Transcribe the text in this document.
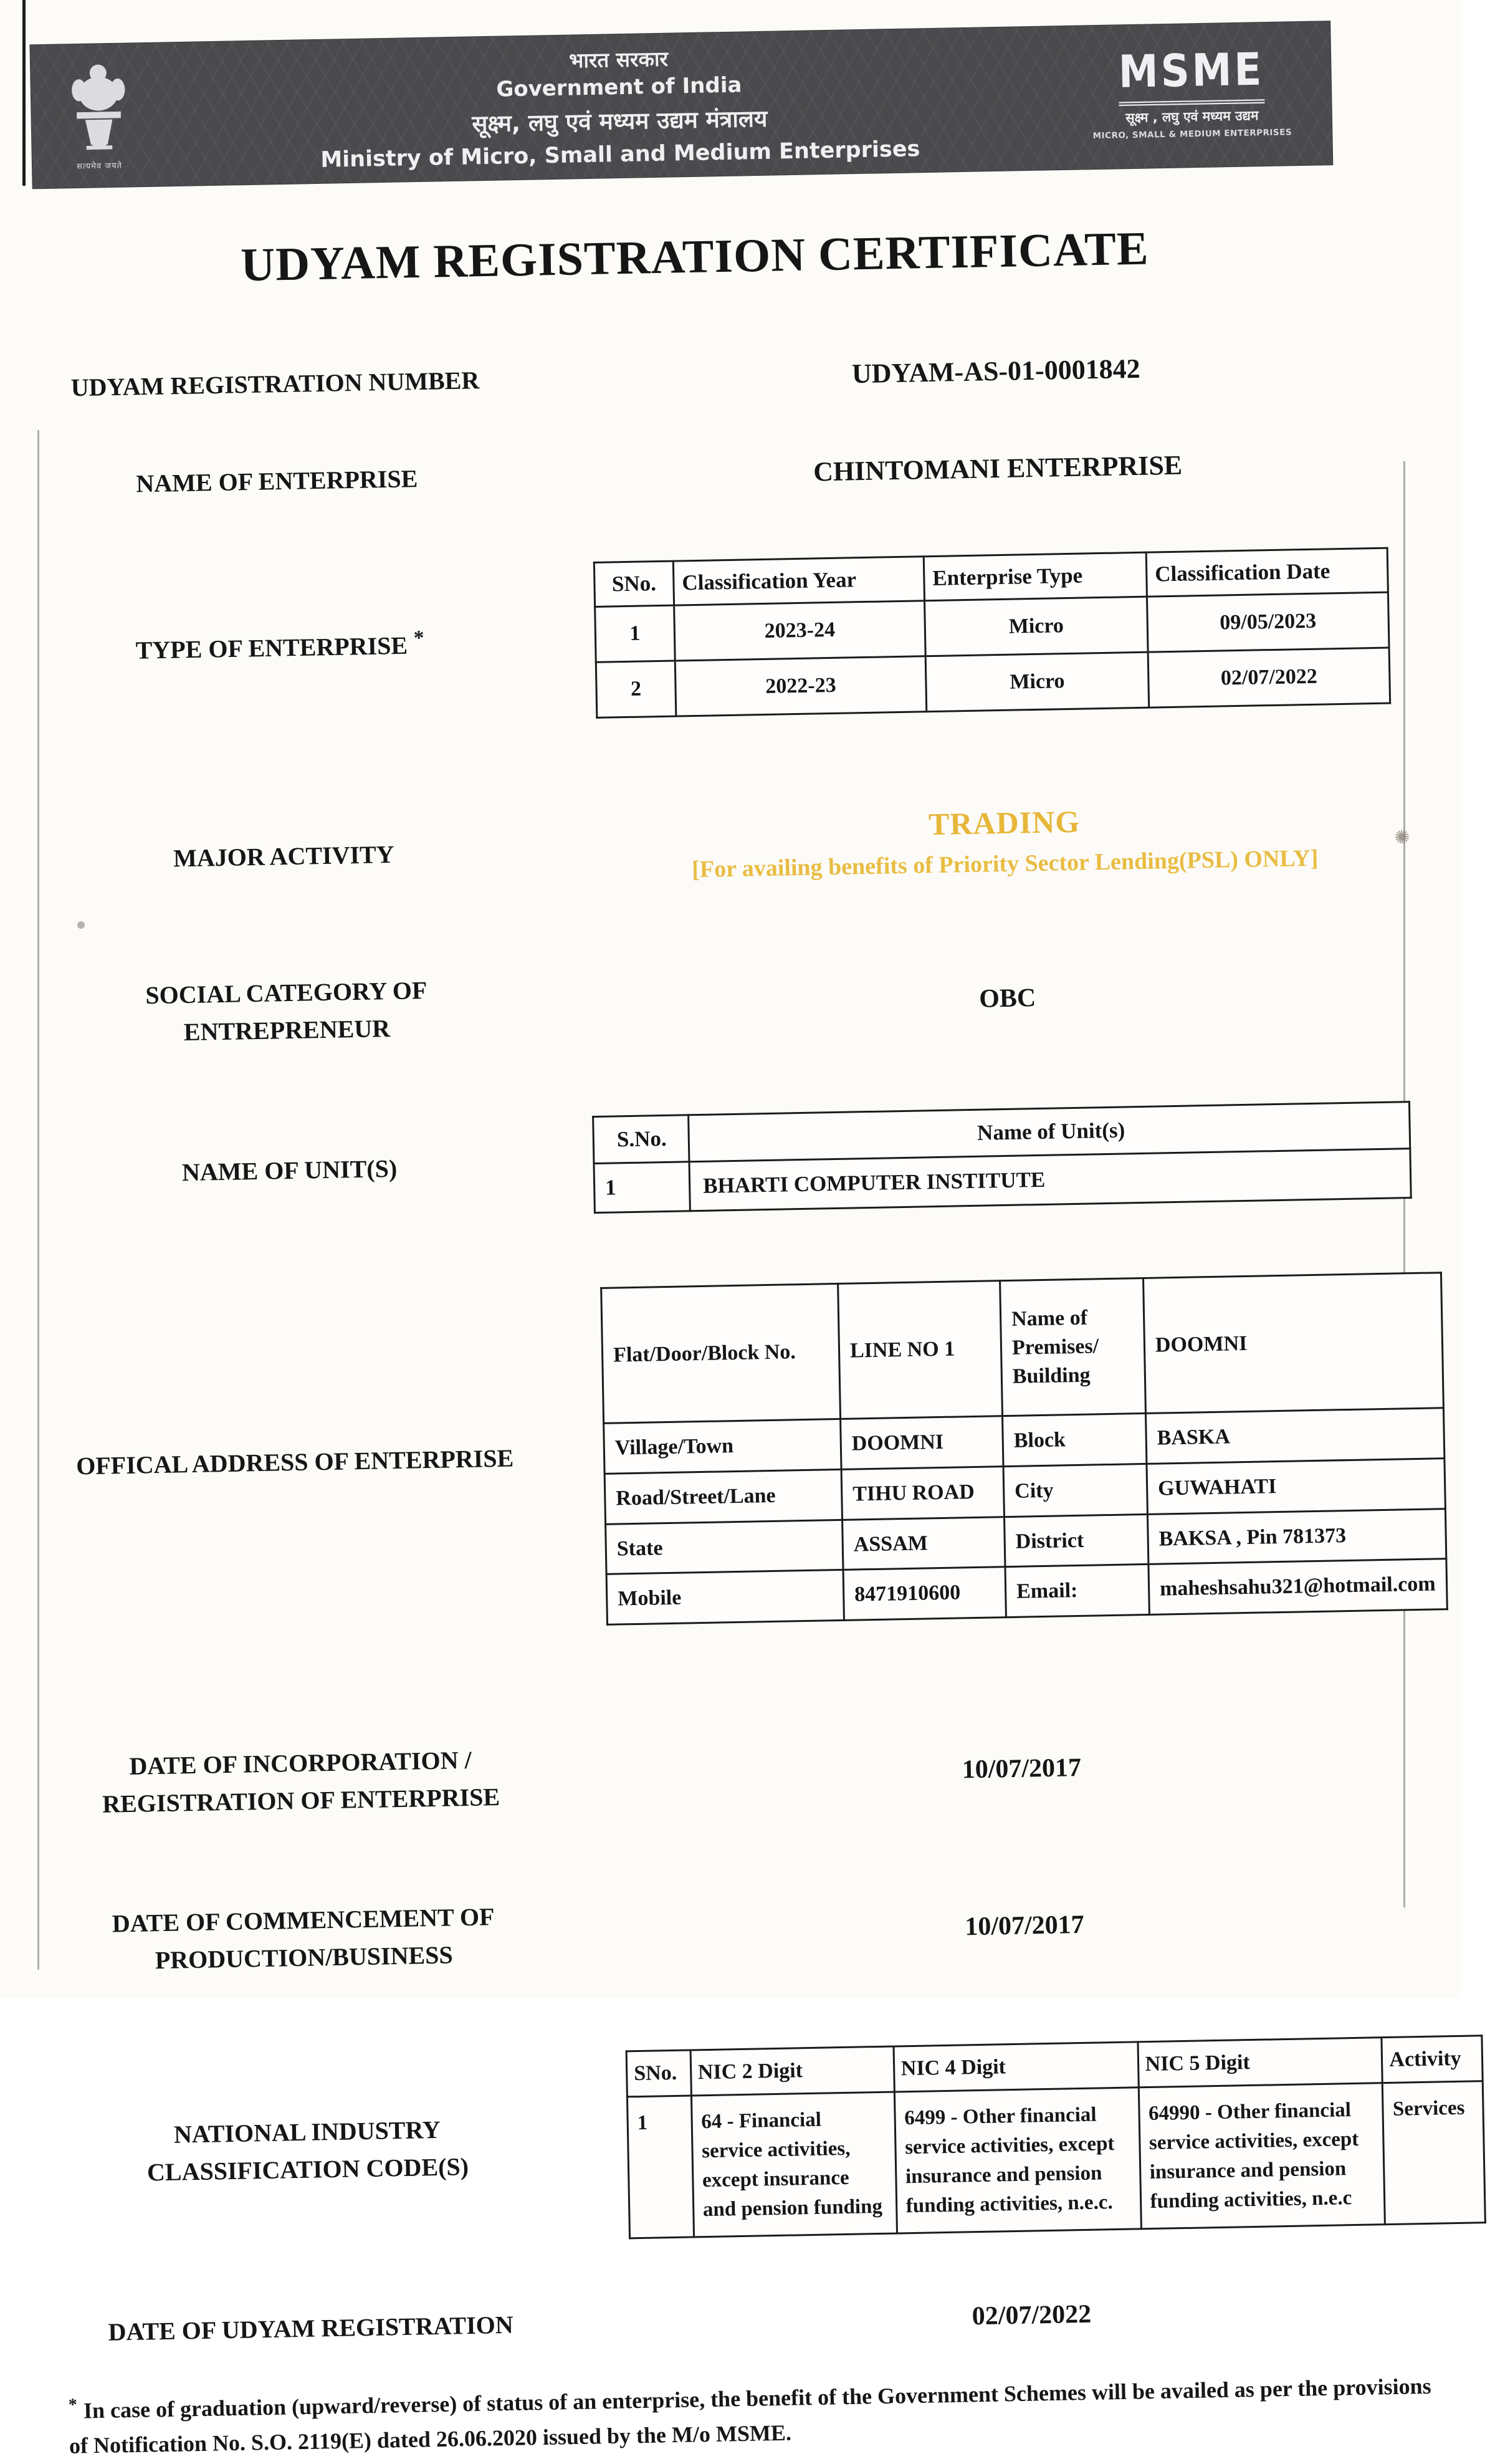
✺
सत्यमेव जयते
भारत सरकार
Government of India
सूक्ष्म, लघु एवं मध्यम उद्यम मंत्रालय
Ministry of Micro, Small and Medium Enterprises
MSME
सूक्ष्म , लघु एवं मध्यम उद्यम
MICRO, SMALL & MEDIUM ENTERPRISES
UDYAM REGISTRATION CERTIFICATE
UDYAM REGISTRATION NUMBER	UDYAM-AS-01-0001842
NAME OF ENTERPRISE	CHINTOMANI ENTERPRISE
TYPE OF ENTERPRISE *
SNo.	Classification Year	Enterprise Type	Classification Date
1	2023-24	Micro	09/05/2023
2	2022-23	Micro	02/07/2022
MAJOR ACTIVITY
TRADING
[For availing benefits of Priority Sector Lending(PSL) ONLY]
SOCIAL CATEGORY OF ENTREPRENEUR
OBC
NAME OF UNIT(S)
S.No.	Name of Unit(s)
1	BHARTI COMPUTER INSTITUTE
OFFICAL ADDRESS OF ENTERPRISE
Flat/Door/Block No.	LINE NO 1	Name of Premises/ Building	DOOMNI
Village/Town	DOOMNI	Block	BASKA
Road/Street/Lane	TIHU ROAD	City	GUWAHATI
State	ASSAM	District	BAKSA , Pin 781373
Mobile	8471910600	Email:	maheshsahu321@hotmail.com
DATE OF INCORPORATION / REGISTRATION OF ENTERPRISE
10/07/2017
DATE OF COMMENCEMENT OF PRODUCTION/BUSINESS
10/07/2017
NATIONAL INDUSTRY CLASSIFICATION CODE(S)
SNo.	NIC 2 Digit	NIC 4 Digit	NIC 5 Digit	Activity
1	64 - Financial service activities, except insurance and pension funding	6499 - Other financial service activities, except insurance and pension funding activities, n.e.c.	64990 - Other financial service activities, except insurance and pension funding activities, n.e.c	Services
DATE OF UDYAM REGISTRATION	02/07/2022
* In case of graduation (upward/reverse) of status of an enterprise, the benefit of the Government Schemes will be availed as per the provisions of Notification No. S.O. 2119(E) dated 26.06.2020 issued by the M/o MSME.
